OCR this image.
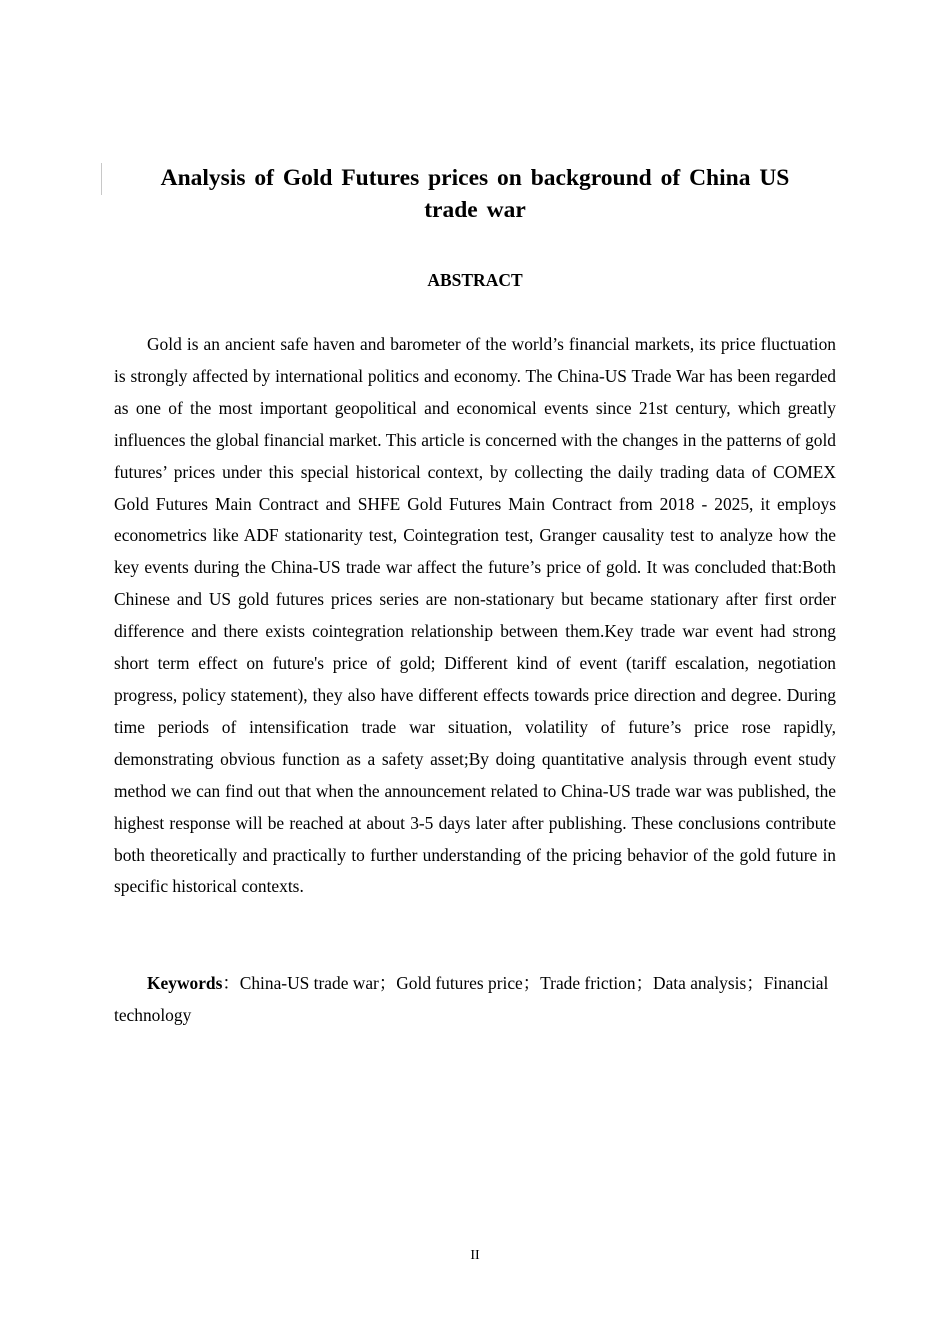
Analysis of Gold Futures prices on background of China US
trade war
ABSTRACT

Gold is an ancient safe haven and barometer of the world’s financial markets, its price fluctuation is strongly affected by international politics and economy. The China-US Trade War has been regarded as one of the most important geopolitical and economical events since 21st century, which greatly influences the global financial market. This article is concerned with the changes in the patterns of gold futures’ prices under this special historical context, by collecting the daily trading data of COMEX Gold Futures Main Contract and SHFE Gold Futures Main Contract from 2018 - 2025, it employs econometrics like ADF stationarity test, Cointegration test, Granger causality test to analyze how the key events during the China-US trade war affect the future’s price of gold. It was concluded that:Both Chinese and US gold futures prices series are non-stationary but became stationary after first order difference and there exists cointegration relationship between them.Key trade war event had strong short term effect on future's price of gold; Different kind of event (tariff escalation, negotiation progress, policy statement), they also have different effects towards price direction and degree. During time periods of intensification trade war situation, volatility of future’s price rose rapidly, demonstrating obvious function as a safety asset;By doing quantitative analysis through event study method we can find out that when the announcement related to China-US trade war was published, the highest response will be reached at about 3-5 days later after publishing. These conclusions contribute both theoretically and practically to further understanding of the pricing behavior of the gold future in specific historical contexts.

Keywords：China-US trade war；Gold futures price；Trade friction；Data analysis；Financial technology

II
